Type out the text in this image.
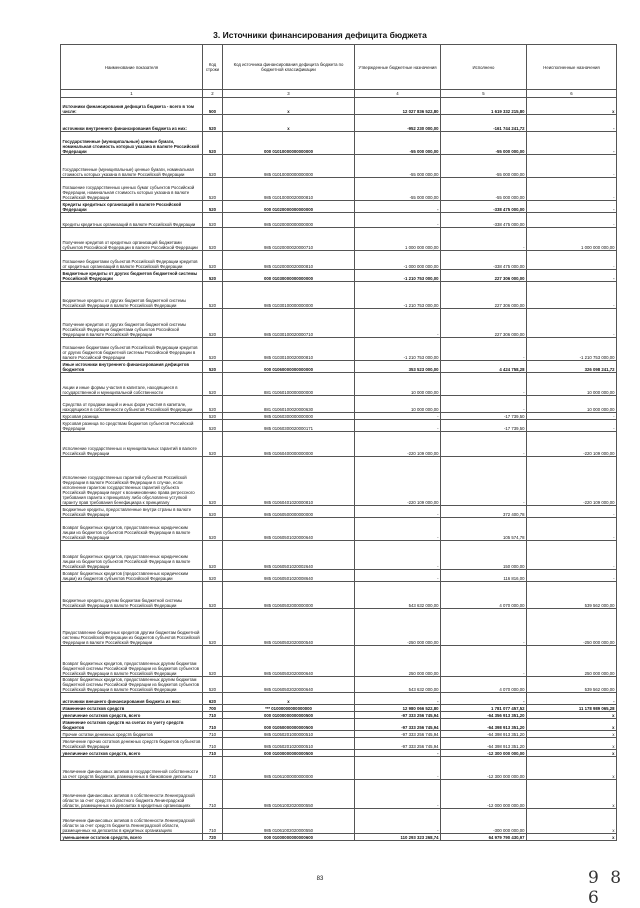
3. Источники финансирования дефицита бюджета
Наименование показателя	Код строки	Код источника финансирования дефицита бюджета по бюджетной классификации	Утвержденные бюджетные назначения	Исполнено	Неисполненные назначения
1	2	3	4	5	6
Источники финансирования дефицита бюджета - всего в том числе:	500	x	12 027 836 522,80	1 619 332 215,80	x
источники внутреннего финансирования бюджета из них:	520	x	-952 230 000,00	-161 744 241,72	-
Государственные (муниципальные) ценные бумаги, номинальная стоимость которых указана в валюте Российской Федерации	520	000 01010000000000000	-55 000 000,00	-55 000 000,00	-
Государственные (муниципальные) ценные бумаги, номинальная стоимость которых указана в валюте Российской Федерации	520	985 01010000000000000	-55 000 000,00	-55 000 000,00	-
Погашение государственных ценных бумаг субъектов Российской Федерации, номинальная стоимость которых указана в валюте Российской Федерации	520	985 01010000020000810	-55 000 000,00	-55 000 000,00	-
Кредиты кредитных организаций в валюте Российской Федерации	520	000 01020000000000000	-	-338 475 000,00	-
Кредиты кредитных организаций в валюте Российской Федерации	520	985 01020000000000000	-	-338 475 000,00	-
Получение кредитов от кредитных организаций бюджетами субъектов Российской Федерации в валюте Российской Федерации	520	985 01020000020000710	1 000 000 000,00	-	1 000 000 000,00
Погашение бюджетами субъектов Российской Федерации кредитов от кредитных организаций в валюте Российской Федерации	520	985 01020000020000810	-1 000 000 000,00	-338 475 000,00	-
Бюджетные кредиты от других бюджетов бюджетной системы Российской Федерации	520	000 01030000000000000	-1 210 753 000,00	227 306 000,00	-
Бюджетные кредиты от других бюджетов бюджетной системы Российской Федерации в валюте Российской Федерации	520	985 01030100000000000	-1 210 753 000,00	227 306 000,00	-
Получение кредитов от других бюджетов бюджетной системы Российской Федерации бюджетами субъектов Российской Федерации в валюте Российской Федерации	520	985 01030100020000710	-	227 306 000,00	-
Погашение бюджетами субъектов Российской Федерации кредитов от других бюджетов бюджетной системы Российской Федерации в валюте Российской Федерации	520	985 01030100020000810	-1 210 753 000,00	-	-1 210 753 000,00
Иные источники внутреннего финансирования дефицитов бюджетов	520	000 01060000000000000	353 523 000,00	4 424 758,28	326 098 241,72
Акции и иные формы участия в капитале, находящиеся в государственной и муниципальной собственности	520	881 01060100000000000	10 000 000,00	-	10 000 000,00
Средства от продажи акций и иных форм участия в капитале, находящихся в собственности субъектов Российской Федерации	520	881 01060100020000630	10 000 000,00	-	10 000 000,00
Курсовая разница	520	985 01060300000000000	-	-17 739,50	-
Курсовая разница по средствам бюджетов субъектов Российской Федерации	520	985 01060300020000171	-	-17 739,50	-
Исполнение государственных и муниципальных гарантий в валюте Российской Федерации	520	985 01060400000000000	-220 109 000,00	-	-220 109 000,00
Исполнение государственных гарантий субъектов Российской Федерации в валюте Российской Федерации в случае, если исполнение гарантом государственных гарантий субъекта Российской Федерации ведет к возникновению права регрессного требования гаранта к принципалу либо обусловлено уступкой гаранту прав требования бенефициара к принципалу	520	985 01060401020000810	-220 109 000,00	-	-220 109 000,00
Бюджетные кредиты, предоставленные внутри страны в валюте Российской Федерации	520	985 01060500000000000	-	372 400,78	-
Возврат бюджетных кредитов, предоставленных юридическим лицам из бюджетов субъектов Российской Федерации в валюте Российской Федерации	520	985 01060501020000640	-	105 574,78	-
Возврат бюджетных кредитов, предоставленных юридическим лицам из бюджетов субъектов Российской Федерации в валюте Российской Федерации	520	985 01060501020002640	-	150 000,00	-
Возврат бюджетных кредитов (предоставленных юридическим лицам) из бюджетов субъектов Российской Федерации	520	985 01060501020008640	-	116 816,00	-
Бюджетные кредиты другим бюджетам бюджетной системы Российской Федерации в валюте Российской Федерации	520	985 01060502000000000	543 632 000,00	4 070 000,00	539 562 000,00
Предоставление бюджетных кредитов другим бюджетам бюджетной системы Российской Федерации из бюджетов субъектов Российской Федерации в валюте Российской Федерации	520	985 01060502020000540	-250 000 000,00	-	-250 000 000,00
Возврат бюджетных кредитов, предоставленных другим бюджетам бюджетной системы Российской Федерации из бюджетов субъектов Российской Федерации в валюте Российской Федерации	520	985 01060502020000640	250 000 000,00	-	250 000 000,00
Возврат бюджетных кредитов, предоставленных другим бюджетам бюджетной системы Российской Федерации из бюджетов субъектов Российской Федерации в валюте Российской Федерации	520	985 01060502020000640	543 632 000,00	4 070 000,00	539 562 000,00
источники внешнего финансирования бюджета из них:	620	x	-	-	-
Изменение остатков средств	700	*** 01000000000000000	12 980 066 522,80	1 781 077 457,52	11 178 989 065,28
увеличение остатков средств, всего	710	000 01000000000000500	-97 333 256 745,94	-64 356 913 351,20	x
Изменение остатков средств на счетах по учету средств бюджетов	710	000 01050000000000500	-97 333 256 745,94	-64 398 913 351,20	x
Прочие остатки денежных средств бюджетов	710	985 01050201000000510	-97 333 256 745,94	-64 398 913 351,20	x
Увеличение прочих остатков денежных средств бюджетов субъектов Российской Федерации	710	985 01050201020000510	-97 333 256 745,94	-64 398 913 351,20	x
увеличение остатков средств, всего	710	000 01000000000000500	-	-12 300 000 000,00	x
Увеличение финансовых активов в государственной собственности за счет средств бюджетов, размещенных в банковские депозиты	710	985 01061000000000000	-	-12 300 000 000,00	x
Увеличение финансовых активов в собственности Ленинградской области за счет средств областного бюджета Ленинградской области, размещенных на депозитах в кредитных организациях	710	985 01061002020000550	-	-12 000 000 000,00	x
Увеличение финансовых активов в собственности Ленинградской области за счет средств бюджета Ленинградской области, размещенных на депозитах в кредитных организациях	710	985 01061002020000550	-	-300 000 000,00	x
уменьшение остатков средств, всего	720	000 01000000000000600	110 293 323 268,74	64 979 790 430,97	x
83	9 8 6
